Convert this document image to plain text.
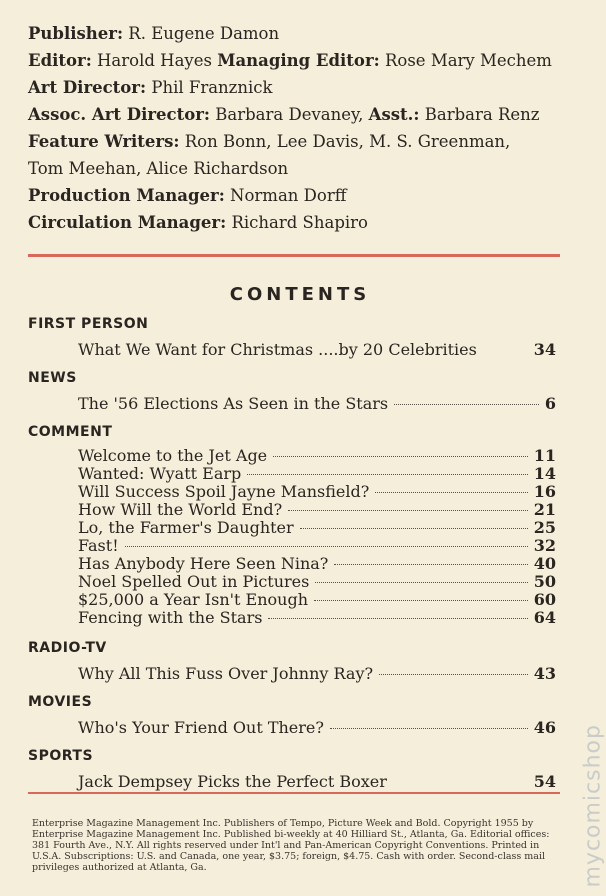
Publisher: R. Eugene Damon
Editor: Harold Hayes Managing Editor: Rose Mary Mechem
Art Director: Phil Franznick
Assoc. Art Director: Barbara Devaney, Asst.: Barbara Renz
Feature Writers: Ron Bonn, Lee Davis, M. S. Greenman,
Tom Meehan, Alice Richardson
Production Manager: Norman Dorff
Circulation Manager: Richard Shapiro
CONTENTS
FIRST PERSON
What We Want for Christmas ....by 20 Celebrities	34
NEWS
The '56 Elections As Seen in the Stars	6
COMMENT
Welcome to the Jet Age	11
Wanted: Wyatt Earp	14
Will Success Spoil Jayne Mansfield?	16
How Will the World End?	21
Lo, the Farmer's Daughter	25
Fast!	32
Has Anybody Here Seen Nina?	40
Noel Spelled Out in Pictures	50
$25,000 a Year Isn't Enough	60
Fencing with the Stars	64
RADIO-TV
Why All This Fuss Over Johnny Ray?	43
MOVIES
Who's Your Friend Out There?	46
SPORTS
Jack Dempsey Picks the Perfect Boxer	54
Enterprise Magazine Management Inc. Publishers of Tempo, Picture Week and Bold. Copyright 1955 by Enterprise Magazine Management Inc. Published bi-weekly at 40 Hilliard St., Atlanta, Ga. Editorial offices: 381 Fourth Ave., N.Y. All rights reserved under Int'l and Pan-American Copyright Conventions. Printed in U.S.A. Subscriptions: U.S. and Canada, one year, $3.75; foreign, $4.75. Cash with order. Second-class mail privileges authorized at Atlanta, Ga.	mycomicshop
